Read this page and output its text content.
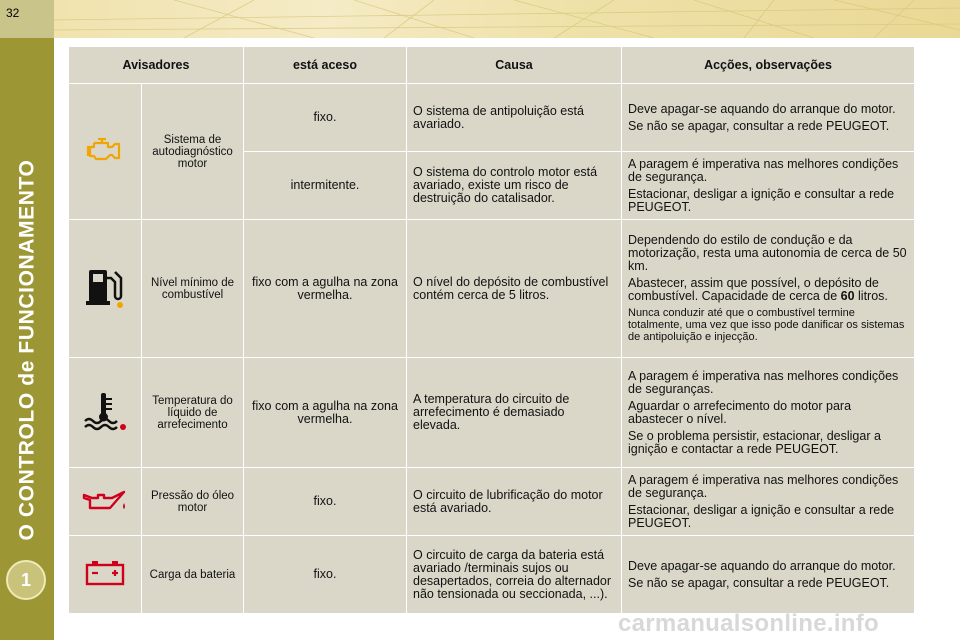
32
O CONTROLO de FUNCIONAMENTO
1
Avisadores		está aceso	Causa	Acções, observações
	Sistema de autodiagnóstico motor	fixo.	O sistema de antipoluição está avariado.	Deve apagar-se aquando do arranque do motor.

Se não se apagar, consultar a rede PEUGEOT.

		intermitente.	O sistema do controlo motor está avariado, existe um risco de destruição do catalisador.	A paragem é imperativa nas melhores condições de segurança.

Estacionar, desligar a ignição e consultar a rede PEUGEOT.

	Nível mínimo de combustível	fixo com a agulha na zona vermelha.	O nível do depósito de combustível contém cerca de 5 litros.	Dependendo do estilo de condução e da motorização, resta uma autonomia de cerca de 50 km.

Abastecer, assim que possível, o depósito de combustível. Capacidade de cerca de 60 litros.

Nunca conduzir até que o combustível termine totalmente, uma vez que isso pode danificar os sistemas de antipoluição e injecção.

	Temperatura do líquido de arrefecimento	fixo com a agulha na zona vermelha.	A temperatura do circuito de arrefecimento é demasiado elevada.	A paragem é imperativa nas melhores condições de seguranças.

Aguardar o arrefecimento do motor para abastecer o nível.

Se o problema persistir, estacionar, desligar a ignição e contactar a rede PEUGEOT.

	Pressão do óleo motor	fixo.	O circuito de lubrificação do motor está avariado.	A paragem é imperativa nas melhores condições de segurança.

Estacionar, desligar a ignição e consultar a rede PEUGEOT.

	Carga da bateria	fixo.	O circuito de carga da bateria está avariado /terminais sujos ou desapertados, correia do alternador não tensionada ou seccionada, ...).	Deve apagar-se aquando do arranque do motor.

Se não se apagar, consultar a rede PEUGEOT.

carmanualsonline.info
